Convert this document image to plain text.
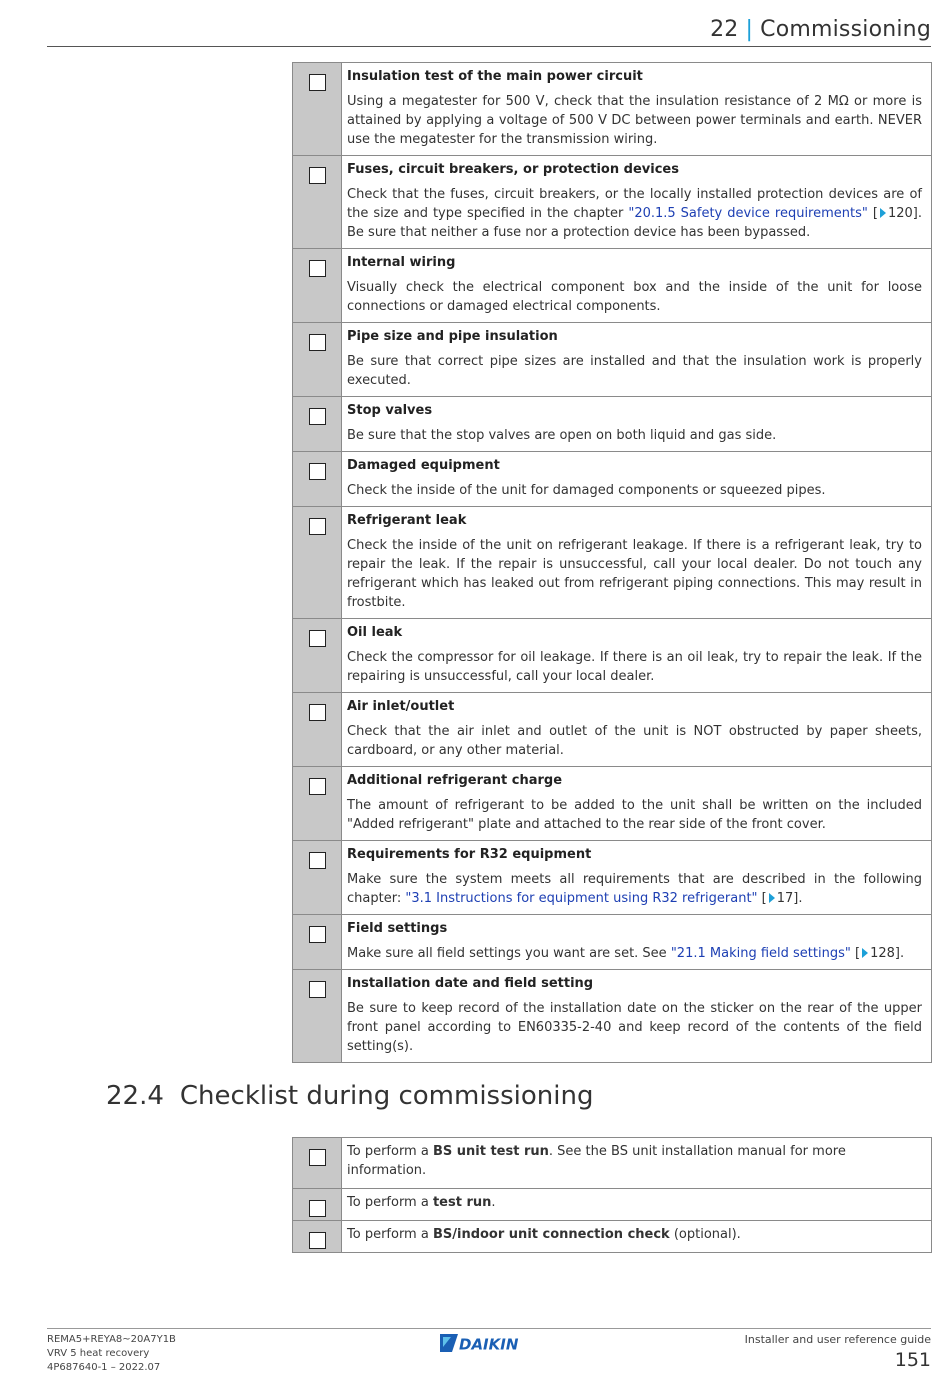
22 | Commissioning

	Insulation test of the main power circuit
Using a megatester for 500 V, check that the insulation resistance of 2 MΩ or more is attained by applying a voltage of 500 V DC between power terminals and earth. NEVER use the megatester for the transmission wiring.

	Fuses, circuit breakers, or protection devices
Check that the fuses, circuit breakers, or the locally installed protection devices are of the size and type specified in the chapter "20.1.5 Safety device requirements" [ 120]. Be sure that neither a fuse nor a protection device has been bypassed.

	Internal wiring
Visually check the electrical component box and the inside of the unit for loose connections or damaged electrical components.

	Pipe size and pipe insulation
Be sure that correct pipe sizes are installed and that the insulation work is properly executed.

	Stop valves
Be sure that the stop valves are open on both liquid and gas side.

	Damaged equipment
Check the inside of the unit for damaged components or squeezed pipes.

	Refrigerant leak
Check the inside of the unit on refrigerant leakage. If there is a refrigerant leak, try to repair the leak. If the repair is unsuccessful, call your local dealer. Do not touch any refrigerant which has leaked out from refrigerant piping connections. This may result in frostbite.

	Oil leak
Check the compressor for oil leakage. If there is an oil leak, try to repair the leak. If the repairing is unsuccessful, call your local dealer.

	Air inlet/outlet
Check that the air inlet and outlet of the unit is NOT obstructed by paper sheets, cardboard, or any other material.

	Additional refrigerant charge
The amount of refrigerant to be added to the unit shall be written on the included "Added refrigerant" plate and attached to the rear side of the front cover.

	Requirements for R32 equipment
Make sure the system meets all requirements that are described in the following chapter: "3.1 Instructions for equipment using R32 refrigerant" [ 17].

	Field settings
Make sure all field settings you want are set. See "21.1 Making field settings" [ 128].

	Installation date and field setting
Be sure to keep record of the installation date on the sticker on the rear of the upper front panel according to EN60335-2-40 and keep record of the contents of the field setting(s).
22.4 Checklist during commissioning
	To perform a BS unit test run. See the BS unit installation manual for more information.

	To perform a test run.

	To perform a BS/indoor unit connection check (optional).
REMA5+REYA8~20A7Y1B
VRV 5 heat recovery
4P687640-1 – 2022.07
DAIKIN	Installer and user reference guide
151
